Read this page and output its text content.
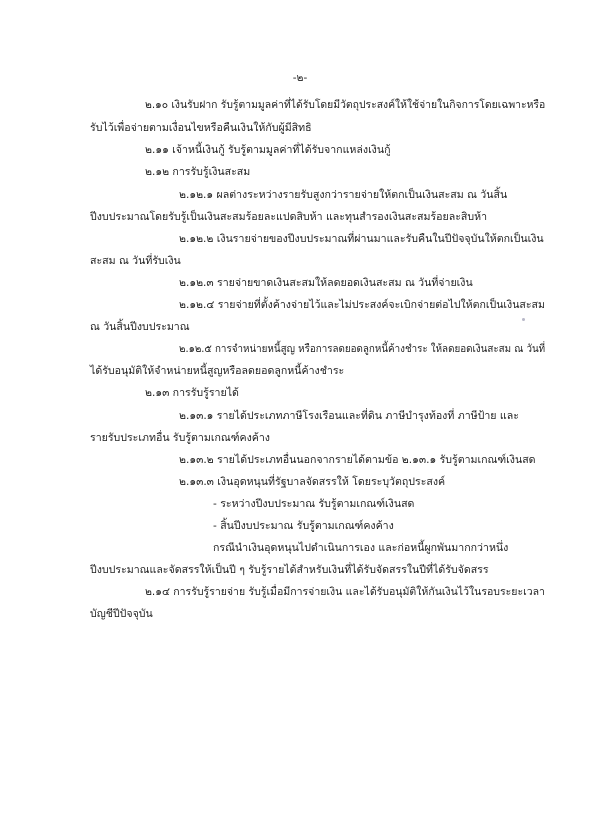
-๒-
๒.๑๐ เงินรับฝาก รับรู้ตามมูลค่าที่ได้รับโดยมีวัตถุประสงค์ให้ใช้จ่ายในกิจการโดยเฉพาะหรือ
รับไว้เพื่อจ่ายตามเงื่อนไขหรือคืนเงินให้กับผู้มีสิทธิ
๒.๑๑ เจ้าหนี้เงินกู้ รับรู้ตามมูลค่าที่ได้รับจากแหล่งเงินกู้
๒.๑๒ การรับรู้เงินสะสม
๒.๑๒.๑ ผลต่างระหว่างรายรับสูงกว่ารายจ่ายให้ตกเป็นเงินสะสม ณ วันสิ้น
ปีงบประมาณโดยรับรู้เป็นเงินสะสมร้อยละแปดสิบห้า และทุนสำรองเงินสะสมร้อยละสิบห้า
๒.๑๒.๒ เงินรายจ่ายของปีงบประมาณที่ผ่านมาและรับคืนในปีปัจจุบันให้ตกเป็นเงิน
สะสม ณ วันที่รับเงิน
๒.๑๒.๓ รายจ่ายขาดเงินสะสมให้ลดยอดเงินสะสม ณ วันที่จ่ายเงิน
๒.๑๒.๔ รายจ่ายที่ตั้งค้างจ่ายไว้และไม่ประสงค์จะเบิกจ่ายต่อไปให้ตกเป็นเงินสะสม
ณ วันสิ้นปีงบประมาณ
๒.๑๒.๕ การจำหน่ายหนี้สูญ หรือการลดยอดลูกหนี้ค้างชำระ ให้ลดยอดเงินสะสม ณ วันที่
ได้รับอนุมัติให้จำหน่ายหนี้สูญหรือลดยอดลูกหนี้ค้างชำระ
๒.๑๓ การรับรู้รายได้
๒.๑๓.๑ รายได้ประเภทภาษีโรงเรือนและที่ดิน ภาษีบำรุงท้องที่ ภาษีป้าย และ
รายรับประเภทอื่น รับรู้ตามเกณฑ์คงค้าง
๒.๑๓.๒ รายได้ประเภทอื่นนอกจากรายได้ตามข้อ ๒.๑๓.๑ รับรู้ตามเกณฑ์เงินสด
๒.๑๓.๓ เงินอุดหนุนที่รัฐบาลจัดสรรให้ โดยระบุวัตถุประสงค์
- ระหว่างปีงบประมาณ รับรู้ตามเกณฑ์เงินสด
- สิ้นปีงบประมาณ รับรู้ตามเกณฑ์คงค้าง
กรณีนำเงินอุดหนุนไปดำเนินการเอง และก่อหนี้ผูกพันมากกว่าหนึ่ง
ปีงบประมาณและจัดสรรให้เป็นปี ๆ รับรู้รายได้สำหรับเงินที่ได้รับจัดสรรในปีที่ได้รับจัดสรร
๒.๑๔ การรับรู้รายจ่าย รับรู้เมื่อมีการจ่ายเงิน และได้รับอนุมัติให้กันเงินไว้ในรอบระยะเวลา
บัญชีปีปัจจุบัน
